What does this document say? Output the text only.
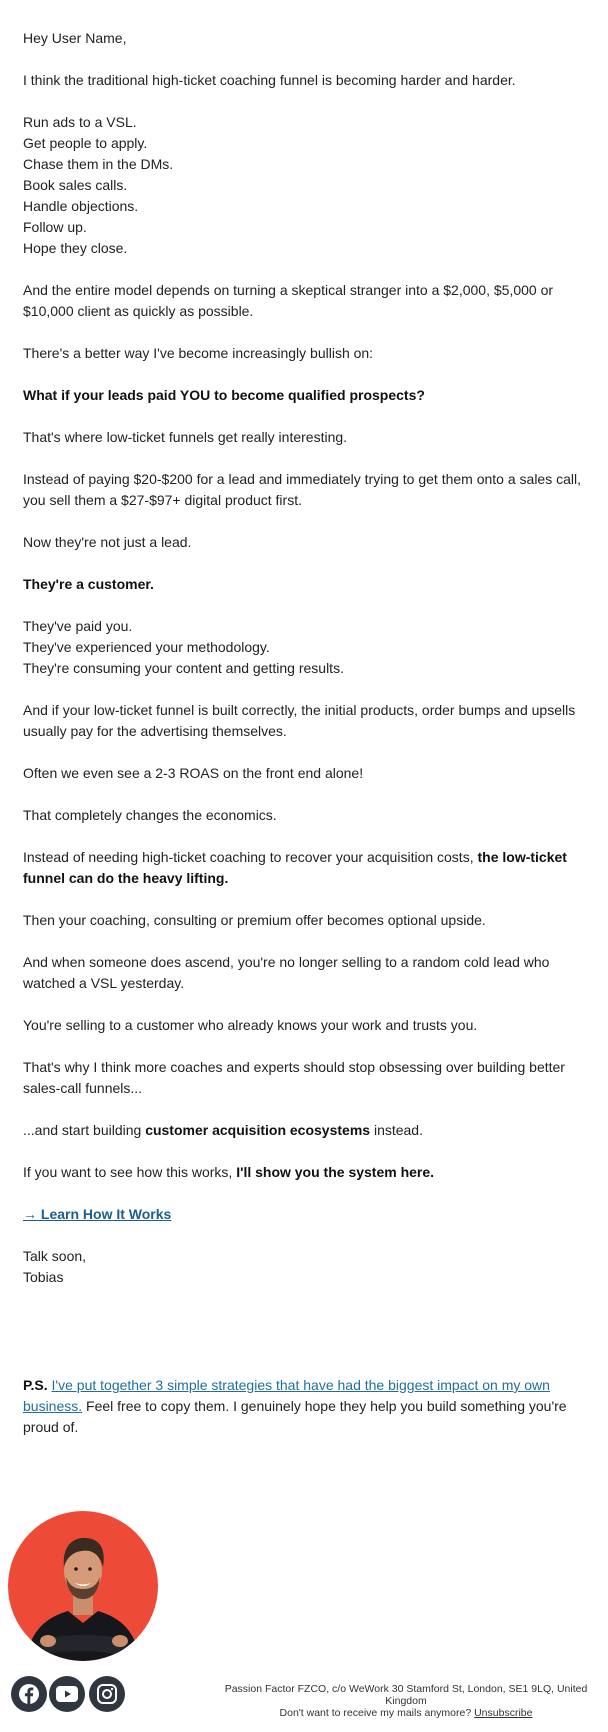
Hey User Name,

I think the traditional high-ticket coaching funnel is becoming harder and harder.

Run ads to a VSL.
Get people to apply.
Chase them in the DMs.
Book sales calls.
Handle objections.
Follow up.
Hope they close.

And the entire model depends on turning a skeptical stranger into a $2,000, $5,000 or $10,000 client as quickly as possible.

There's a better way I've become increasingly bullish on:

What if your leads paid YOU to become qualified prospects?

That's where low-ticket funnels get really interesting.

Instead of paying $20-$200 for a lead and immediately trying to get them onto a sales call, you sell them a $27-$97+ digital product first.

Now they're not just a lead.

They're a customer.

They've paid you.
They've experienced your methodology.
They're consuming your content and getting results.

And if your low-ticket funnel is built correctly, the initial products, order bumps and upsells usually pay for the advertising themselves.

Often we even see a 2-3 ROAS on the front end alone!

That completely changes the economics.

Instead of needing high-ticket coaching to recover your acquisition costs, the low-ticket funnel can do the heavy lifting.

Then your coaching, consulting or premium offer becomes optional upside.

And when someone does ascend, you're no longer selling to a random cold lead who watched a VSL yesterday.

You're selling to a customer who already knows your work and trusts you.

That's why I think more coaches and experts should stop obsessing over building better sales-call funnels...

...and start building customer acquisition ecosystems instead.

If you want to see how this works, I'll show you the system here.

→ Learn How It Works

Talk soon,
Tobias

P.S. I've put together 3 simple strategies that have had the biggest impact on my own business. Feel free to copy them. I genuinely hope they help you build something you're proud of.
Passion Factor FZCO, c/o WeWork 30 Stamford St, London, SE1 9LQ, United Kingdom
Don't want to receive my mails anymore? Unsubscribe
